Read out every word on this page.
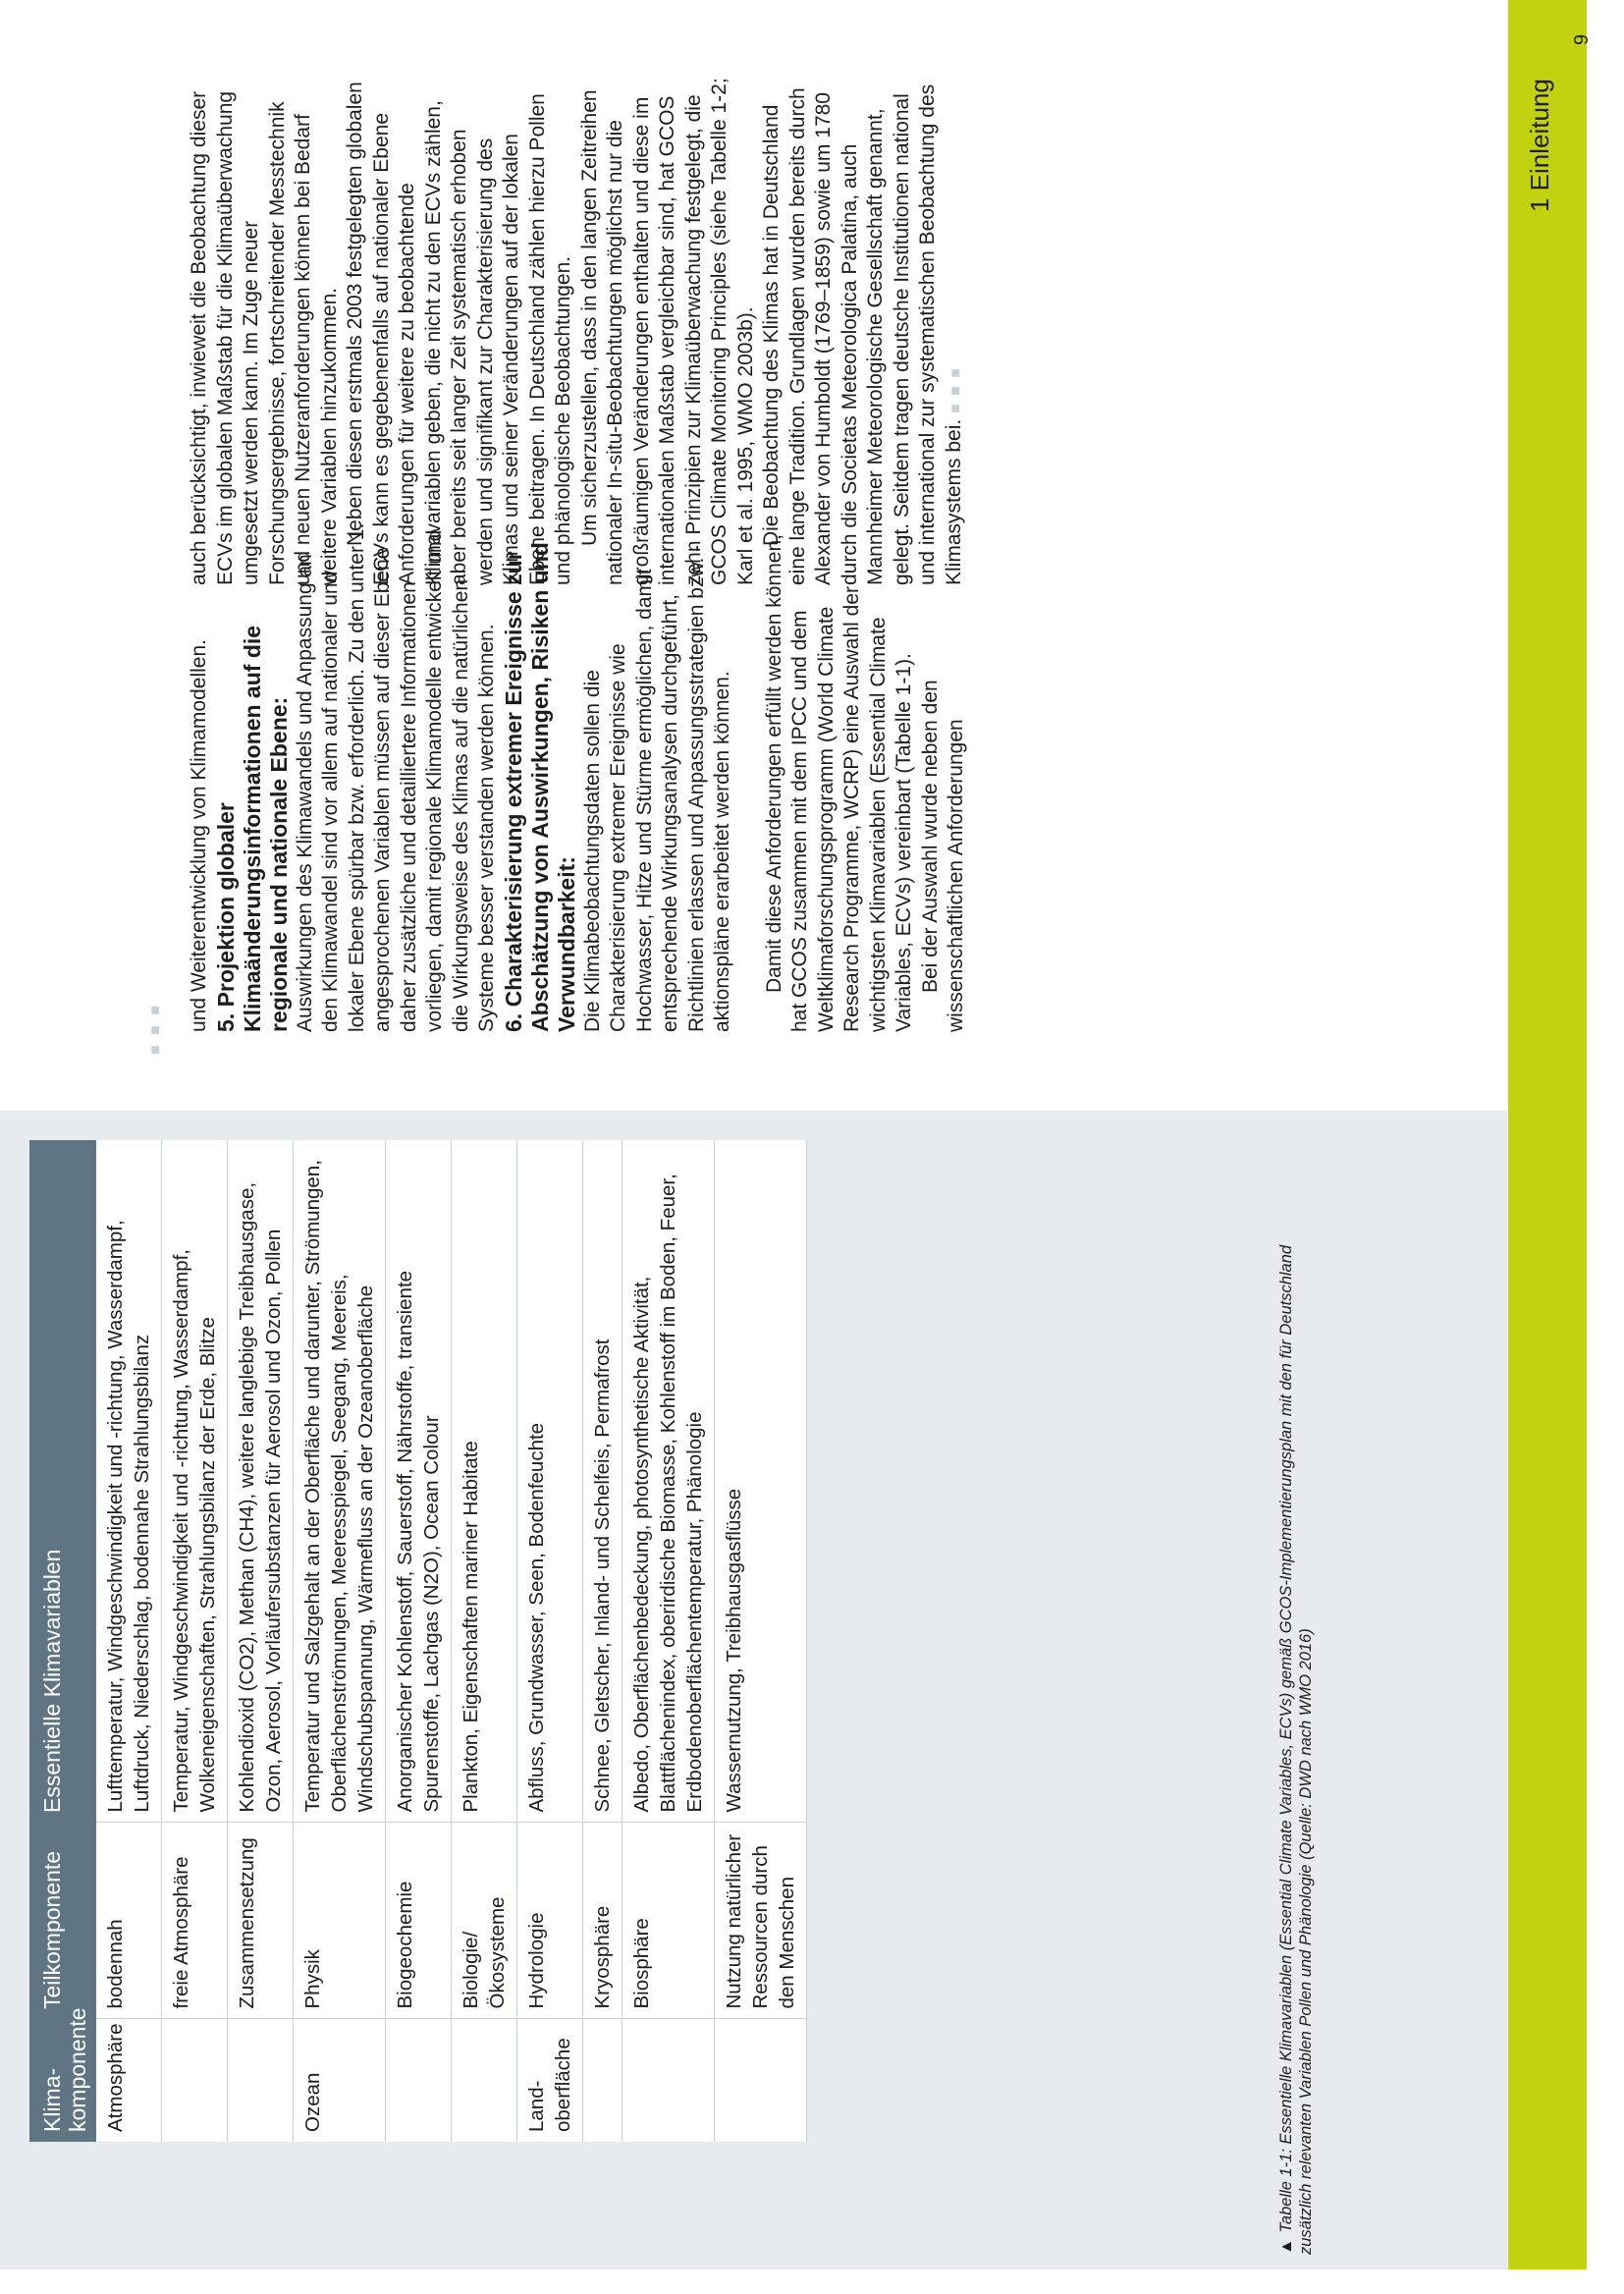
1 Einleitung
9
Klima-
komponente	Teilkomponente	Essentielle Klimavariablen
Atmosphäre	bodennah	Lufttemperatur, Windgeschwindigkeit und -richtung, Wasserdampf, Luftdruck, Niederschlag, bodennahe Strahlungsbilanz
	freie Atmosphäre	Temperatur, Windgeschwindigkeit und -richtung, Wasserdampf, Wolkeneigenschaften, Strahlungsbilanz der Erde, Blitze
	Zusammensetzung	Kohlendioxid (CO2), Methan (CH4), weitere langlebige Treibhausgase, Ozon, Aerosol, Vorläufersubstanzen für Aerosol und Ozon, Pollen
Ozean	Physik	Temperatur und Salzgehalt an der Oberfläche und darunter, Strömungen, Oberflächenströmungen, Meeresspiegel, Seegang, Meereis, Windschubspannung, Wärmefluss an der Ozeanoberfläche
	Biogeochemie	Anorganischer Kohlenstoff, Sauerstoff, Nährstoffe, transiente Spurenstoffe, Lachgas (N2O), Ocean Colour
	Biologie/Ökosysteme	Plankton, Eigenschaften mariner Habitate
Land-
oberfläche	Hydrologie	Abfluss, Grundwasser, Seen, Bodenfeuchte
	Kryosphäre	Schnee, Gletscher, Inland- und Schelfeis, Permafrost
	Biosphäre	Albedo, Oberflächenbedeckung, photosynthetische Aktivität, Blattflächenindex, oberirdische Biomasse, Kohlenstoff im Boden, Feuer, Erdbodenoberflächentemperatur, Phänologie
	Nutzung natürlicher Ressourcen durch den Menschen	Wassernutzung, Treibhausgasflüsse
▲Tabelle 1-1: Essentielle Klimavariablen (Essential Climate Variables, ECVs) gemäß GCOS-Implementierungsplan mit den für Deutschland zusätzlich relevanten Variablen Pollen und Phänologie (Quelle: DWD nach WMO 2016)
■ ■ ■ und Weiterentwicklung von Klimamodellen. 5. Projektion globaler Klimaänderungsinformationen auf die regionale und nationale Ebene: Auswirkungen des Klimawandels und Anpassung an den Klimawandel sind vor allem auf nationaler und lokaler Ebene spürbar bzw. erforderlich. Zu den unter 1. angesprochenen Variablen müssen auf dieser Ebene daher zusätzliche und detailliertere Informationen vorliegen, damit regionale Klimamodelle entwickelt und die Wirkungsweise des Klimas auf die natürlichen Systeme besser verstanden werden können. 6. Charakterisierung extremer Ereignisse zur Abschätzung von Auswirkungen, Risiken und Verwundbarkeit: Die Klimabeobachtungsdaten sollen die Charakterisierung extremer Ereignisse wie Hochwasser, Hitze und Stürme ermöglichen, damit entsprechende Wirkungsanalysen durchgeführt, Richtlinien erlassen und Anpassungsstrategien bzw. -aktionspläne erarbeitet werden können. Damit diese Anforderungen erfüllt werden können, hat GCOS zusammen mit dem IPCC und dem Weltklimaforschungsprogramm (World Climate Research Programme, WCRP) eine Auswahl der wichtigsten Klimavariablen (Essential Climate Variables, ECVs) vereinbart (Tabelle 1-1). Bei der Auswahl wurde neben den wissenschaftlichen Anforderungen

auch berücksichtigt, inwieweit die Beobachtung dieser ECVs im globalen Maßstab für die Klimaüberwachung umgesetzt werden kann. Im Zuge neuer Forschungsergebnisse, fortschreitender Messtechnik und neuen Nutzeranforderungen können bei Bedarf weitere Variablen hinzukommen. Neben diesen erstmals 2003 festgelegten globalen ECVs kann es gegebenenfalls auf nationaler Ebene Anforderungen für weitere zu beobachtende Klimavariablen geben, die nicht zu den ECVs zählen, aber bereits seit langer Zeit systematisch erhoben werden und signifikant zur Charakterisierung des Klimas und seiner Veränderungen auf der lokalen Ebene beitragen. In Deutschland zählen hierzu Pollen und phänologische Beobachtungen. Um sicherzustellen, dass in den langen Zeitreihen nationaler In-situ-Beobachtungen möglichst nur die großräumigen Veränderungen enthalten und diese im internationalen Maßstab vergleichbar sind, hat GCOS zehn Prinzipien zur Klimaüberwachung festgelegt, die GCOS Climate Monitoring Principles (siehe Tabelle 1-2; Karl et al. 1995, WMO 2003b). Die Beobachtung des Klimas hat in Deutschland eine lange Tradition. Grundlagen wurden bereits durch Alexander von Humboldt (1769–1859) sowie um 1780 durch die Societas Meteorologica Palatina, auch Mannheimer Meteorologische Gesellschaft genannt, gelegt. Seitdem tragen deutsche Institutionen national und international zur systematischen Beobachtung des Klimasystems bei. ■ ■ ■
